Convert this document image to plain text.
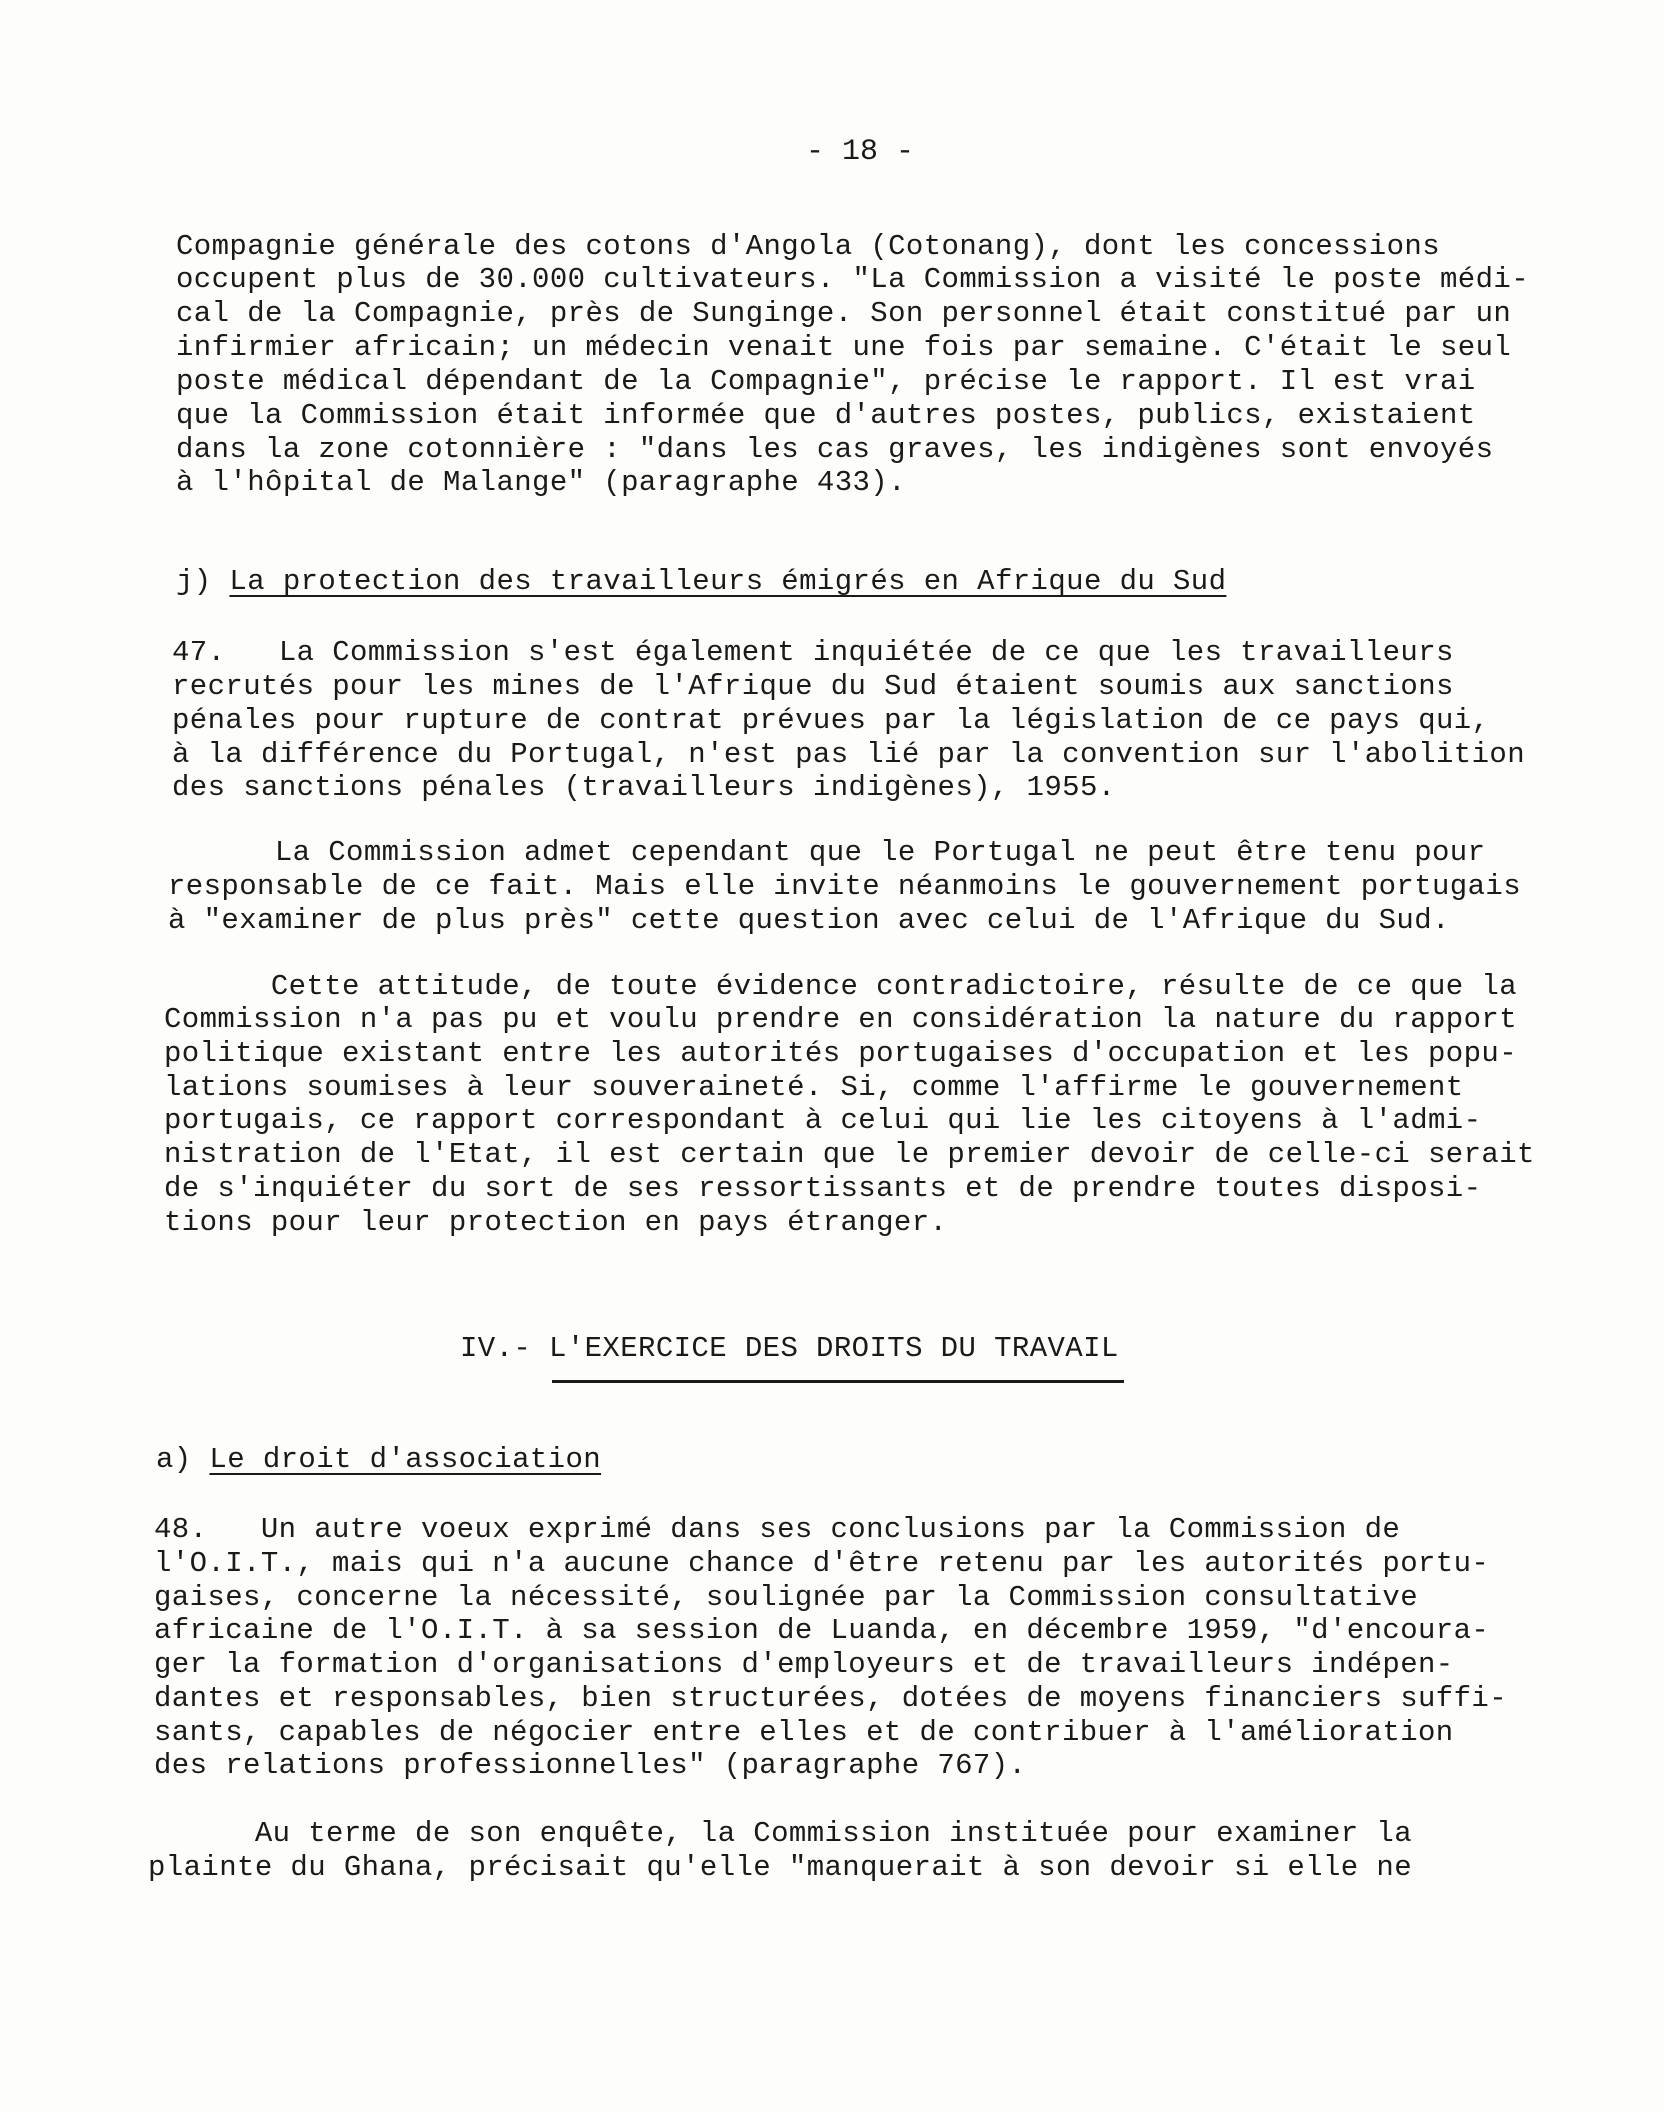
- 18 -
Compagnie générale des cotons d'Angola (Cotonang), dont les concessions
occupent plus de 30.000 cultivateurs. "La Commission a visité le poste médi-
cal de la Compagnie, près de Sunginge. Son personnel était constitué par un
infirmier africain; un médecin venait une fois par semaine. C'était le seul
poste médical dépendant de la Compagnie", précise le rapport. Il est vrai
que la Commission était informée que d'autres postes, publics, existaient
dans la zone cotonnière : "dans les cas graves, les indigènes sont envoyés
à l'hôpital de Malange" (paragraphe 433).
j) La protection des travailleurs émigrés en Afrique du Sud
47.   La Commission s'est également inquiétée de ce que les travailleurs
recrutés pour les mines de l'Afrique du Sud étaient soumis aux sanctions
pénales pour rupture de contrat prévues par la législation de ce pays qui,
à la différence du Portugal, n'est pas lié par la convention sur l'abolition
des sanctions pénales (travailleurs indigènes), 1955.
La Commission admet cependant que le Portugal ne peut être tenu pour
responsable de ce fait. Mais elle invite néanmoins le gouvernement portugais
à "examiner de plus près" cette question avec celui de l'Afrique du Sud.
Cette attitude, de toute évidence contradictoire, résulte de ce que la
Commission n'a pas pu et voulu prendre en considération la nature du rapport
politique existant entre les autorités portugaises d'occupation et les popu-
lations soumises à leur souveraineté. Si, comme l'affirme le gouvernement
portugais, ce rapport correspondant à celui qui lie les citoyens à l'admi-
nistration de l'Etat, il est certain que le premier devoir de celle-ci serait
de s'inquiéter du sort de ses ressortissants et de prendre toutes disposi-
tions pour leur protection en pays étranger.
IV.- L'EXERCICE DES DROITS DU TRAVAIL
a) Le droit d'association
48.   Un autre voeux exprimé dans ses conclusions par la Commission de
l'O.I.T., mais qui n'a aucune chance d'être retenu par les autorités portu-
gaises, concerne la nécessité, soulignée par la Commission consultative
africaine de l'O.I.T. à sa session de Luanda, en décembre 1959, "d'encoura-
ger la formation d'organisations d'employeurs et de travailleurs indépen-
dantes et responsables, bien structurées, dotées de moyens financiers suffi-
sants, capables de négocier entre elles et de contribuer à l'amélioration
des relations professionnelles" (paragraphe 767).
Au terme de son enquête, la Commission instituée pour examiner la
plainte du Ghana, précisait qu'elle "manquerait à son devoir si elle ne
